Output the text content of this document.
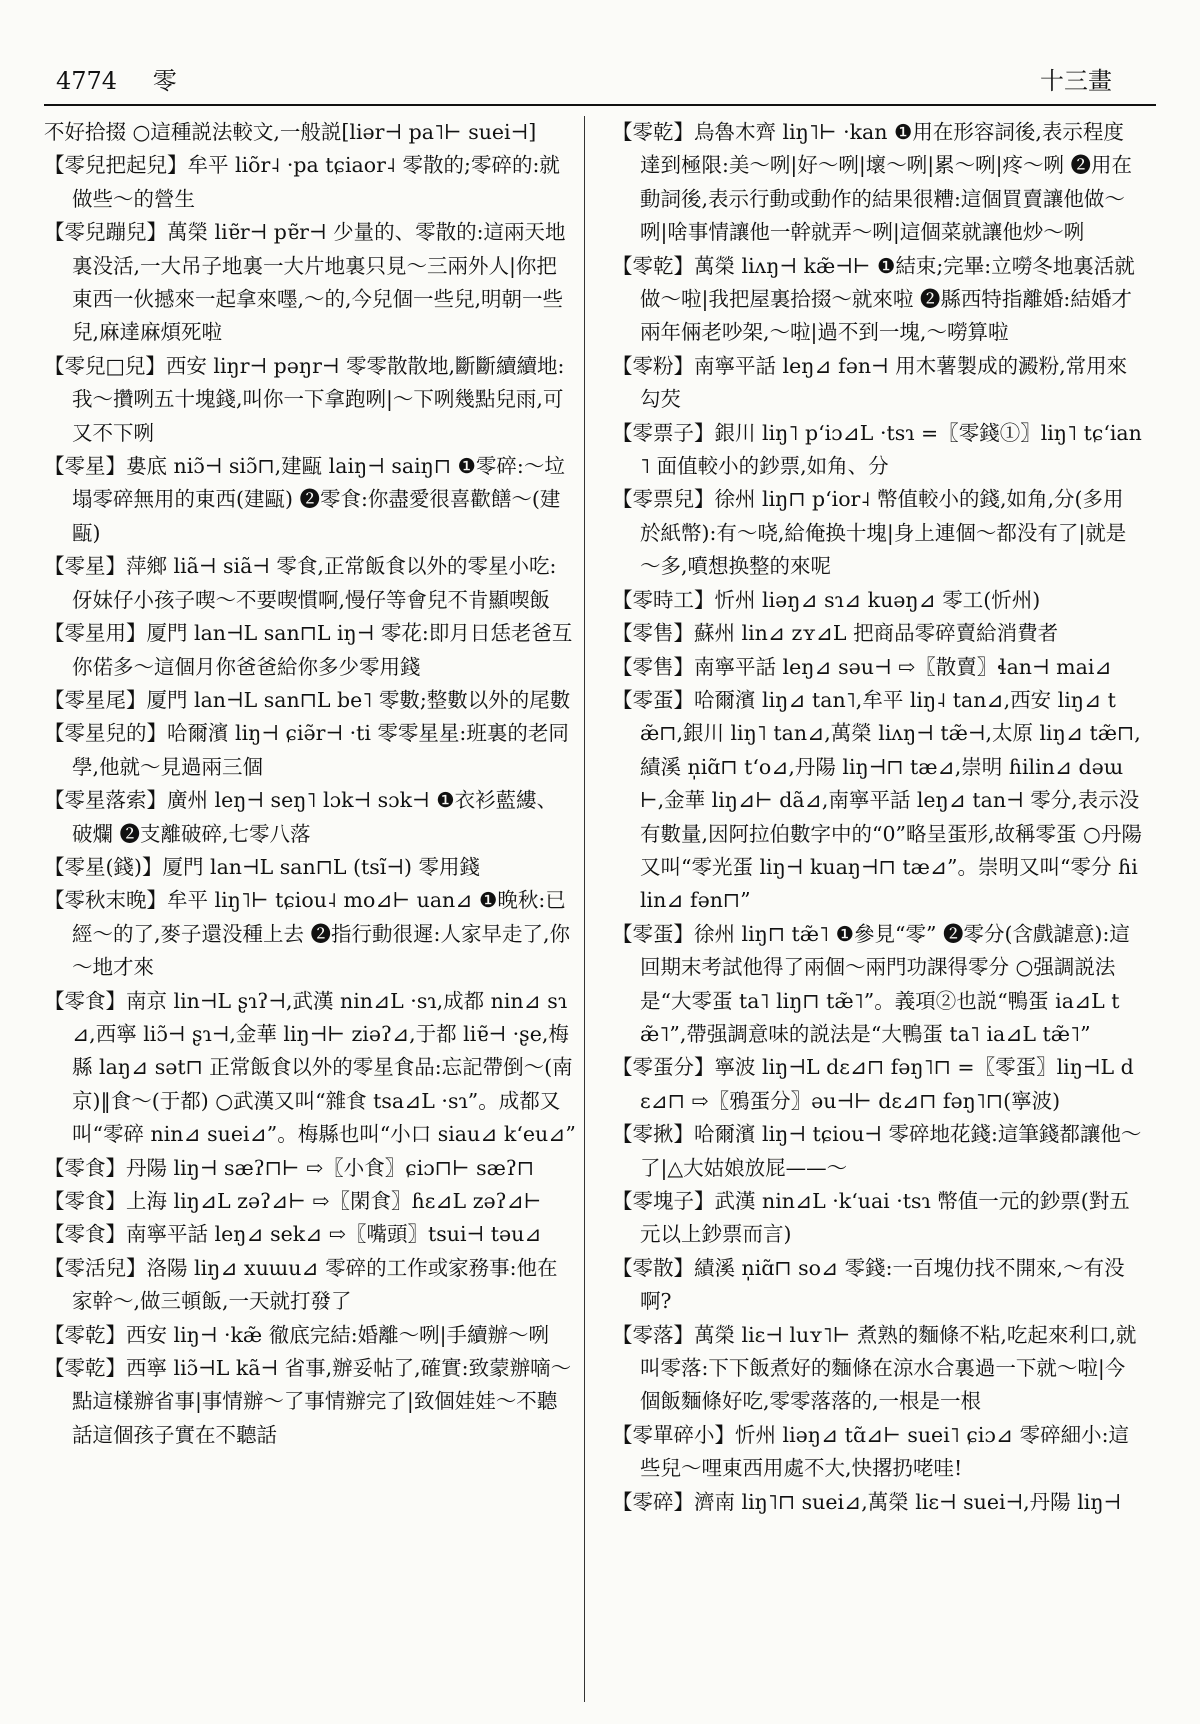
4774 零	十三畫

不好拾掇 ○這種説法較文,一般説[liər⊣ pa˥⊢ suei⊣]

【零兒把起兒】牟平 liõr˨ ·pa tɕiaor˨ 零散的;零碎的:就做些～的營生

【零兒蹦兒】萬榮 liɐ̃r⊣ pɐ̃r⊣ 少量的、零散的:這兩天地裏没活,一大吊子地裏一大片地裏只見～三兩外人|你把東西一伙撼來一起拿來嚜,～的,今兒個一些兒,明朝一些兒,麻達麻煩死啦

【零兒□兒】西安 liŋr⊣ pəŋr⊣ 零零散散地,斷斷續續地:我～攢咧五十塊錢,叫你一下拿跑咧|～下咧幾點兒雨,可又不下咧

【零星】婁底 niɔ̃⊣ siɔ̃⊓,建甌 laiŋ⊣ saiŋ⊓ ❶零碎:～垃塌零碎無用的東西(建甌) ❷零食:你盡愛很喜歡饍～(建甌)

【零星】萍鄉 liã⊣ siã⊣ 零食,正常飯食以外的零星小吃:伢妹仔小孩子喫～不要喫慣啊,慢仔等會兒不肯顯喫飯

【零星用】厦門 lan⊣L san⊓L iŋ⊣ 零花:即月日恁老爸互你偌多～這個月你爸爸給你多少零用錢

【零星尾】厦門 lan⊣L san⊓L be˥ 零數;整數以外的尾數

【零星兒的】哈爾濱 liŋ⊣ ɕiə̃r⊣ ·ti 零零星星:班裏的老同學,他就～見過兩三個

【零星落索】廣州 leŋ⊣ seŋ˥ lɔk⊣ sɔk⊣ ❶衣衫藍縷、破爛 ❷支離破碎,七零八落

【零星(錢)】厦門 lan⊣L san⊓L (tsĩ⊣) 零用錢

【零秋末晚】牟平 liŋ˥⊢ tɕiou˨ mo⊿⊢ uan⊿ ❶晚秋:已經～的了,麥子還没種上去 ❷指行動很遲:人家早走了,你～地才來

【零食】南京 lin⊣L ʂɿʔ⊣,武漢 nin⊿L ·sɿ,成都 nin⊿ sɿ⊿,西寧 liɔ̃⊣ ʂɿ⊣,金華 liŋ⊣⊢ ziəʔ⊿,于都 liɐ̃⊣ ·ʂe,梅縣 laŋ⊿ sət⊓ 正常飯食以外的零星食品:忘記帶倒～(南京)‖食～(于都) ○武漢又叫“雜食 tsa⊿L ·sɿ”。成都又叫“零碎 nin⊿ suei⊿”。梅縣也叫“小口 siau⊿ kʻeu⊿”

【零食】丹陽 liŋ⊣ sæʔ⊓⊢ ⇨〖小食〗ɕiɔ⊓⊢ sæʔ⊓

【零食】上海 liŋ⊿L zəʔ⊿⊢ ⇨〖閑食〗ɦɛ⊿L zəʔ⊿⊢

【零食】南寧平話 leŋ⊿ sek⊿ ⇨〖嘴頭〗tsui⊣ təu⊿

【零活兒】洛陽 liŋ⊿ xuɯu⊿ 零碎的工作或家務事:他在家幹～,做三頓飯,一天就打發了

【零乾】西安 liŋ⊣ ·kæ̃ 徹底完結:婚離～咧|手續辦～咧

【零乾】西寧 liɔ̃⊣L kã⊣ 省事,辦妥帖了,確實:致蒙辦嘀～點這樣辦省事|事情辦～了事情辦完了|致個娃娃～不聽話這個孩子實在不聽話

【零乾】烏魯木齊 liŋ˥⊢ ·kan ❶用在形容詞後,表示程度達到極限:美～咧|好～咧|壞～咧|累～咧|疼～咧 ❷用在動詞後,表示行動或動作的結果很糟:這個買賣讓他做～咧|啥事情讓他一幹就弄～咧|這個菜就讓他炒～咧

【零乾】萬榮 liʌŋ⊣ kæ̃⊣⊢ ❶結束;完畢:立嘮冬地裏活就做～啦|我把屋裏拾掇～就來啦 ❷縣西特指離婚:結婚才兩年倆老吵架,～啦|過不到一塊,～嘮算啦

【零粉】南寧平話 leŋ⊿ fən⊣ 用木薯製成的澱粉,常用來勾芡

【零票子】銀川 liŋ˥ pʻiɔ⊿L ·tsɿ =〖零錢①〗liŋ˥ tɕʻian˥ 面值較小的鈔票,如角、分

【零票兒】徐州 liŋ⊓ pʻior˨ 幣值較小的錢,如角,分(多用於紙幣):有～哓,給俺换十塊|身上連個～都没有了|就是～多,噴想换整的來呢

【零時工】忻州 liəŋ⊿ sɿ⊿ kuəŋ⊿ 零工(忻州)

【零售】蘇州 lin⊿ zʏ⊿L 把商品零碎賣給消費者

【零售】南寧平話 leŋ⊿ səu⊣ ⇨〖散賣〗ɬan⊣ mai⊿

【零蛋】哈爾濱 liŋ⊿ tan˥,牟平 liŋ˨ tan⊿,西安 liŋ⊿ tæ̃⊓,銀川 liŋ˥ tan⊿,萬榮 liʌŋ⊣ tæ̃⊣,太原 liŋ⊿ tæ̃⊓,績溪 n̩iɑ̃⊓ tʻo⊿,丹陽 liŋ⊣⊓ tæ⊿,崇明 ɦilin⊿ dəɯ⊢,金華 liŋ⊿⊢ dã⊿,南寧平話 leŋ⊿ tan⊣ 零分,表示没有數量,因阿拉伯數字中的“0”略呈蛋形,故稱零蛋 ○丹陽又叫“零光蛋 liŋ⊣ kuaŋ⊣⊓ tæ⊿”。崇明又叫“零分 ɦilin⊿ fən⊓”

【零蛋】徐州 liŋ⊓ tæ̃˥ ❶參見“零” ❷零分(含戲謔意):這回期末考試他得了兩個～兩門功課得零分 ○强調説法是“大零蛋 ta˥ liŋ⊓ tæ̃˥”。義項②也説“鴨蛋 ia⊿L tæ̃˥”,帶强調意味的説法是“大鴨蛋 ta˥ ia⊿L tæ̃˥”

【零蛋分】寧波 liŋ⊣L dɛ⊿⊓ fəŋ˥⊓ =〖零蛋〗liŋ⊣L dɛ⊿⊓ ⇨〖鴉蛋分〗əu⊣⊢ dɛ⊿⊓ fəŋ˥⊓(寧波)

【零揪】哈爾濱 liŋ⊣ tɕiou⊣ 零碎地花錢:這筆錢都讓他～了|△大姑娘放屁——～

【零塊子】武漢 nin⊿L ·kʻuai ·tsɿ 幣值一元的鈔票(對五元以上鈔票而言)

【零散】績溪 n̩iɑ̃⊓ so⊿ 零錢:一百塊仂找不開來,～有没啊?

【零落】萬榮 liɛ⊣ luʏ˥⊢ 煮熟的麵條不粘,吃起來利口,就叫零落:下下飯煮好的麵條在涼水合裏過一下就～啦|今個飯麵條好吃,零零落落的,一根是一根

【零單碎小】忻州 liəŋ⊿ tɑ̃⊿⊢ suei˥ ɕiɔ⊿ 零碎細小:這些兒～哩東西用處不大,快撂扔咾哇!

【零碎】濟南 liŋ˥⊓ suei⊿,萬榮 liɛ⊣ suei⊣,丹陽 liŋ⊣
